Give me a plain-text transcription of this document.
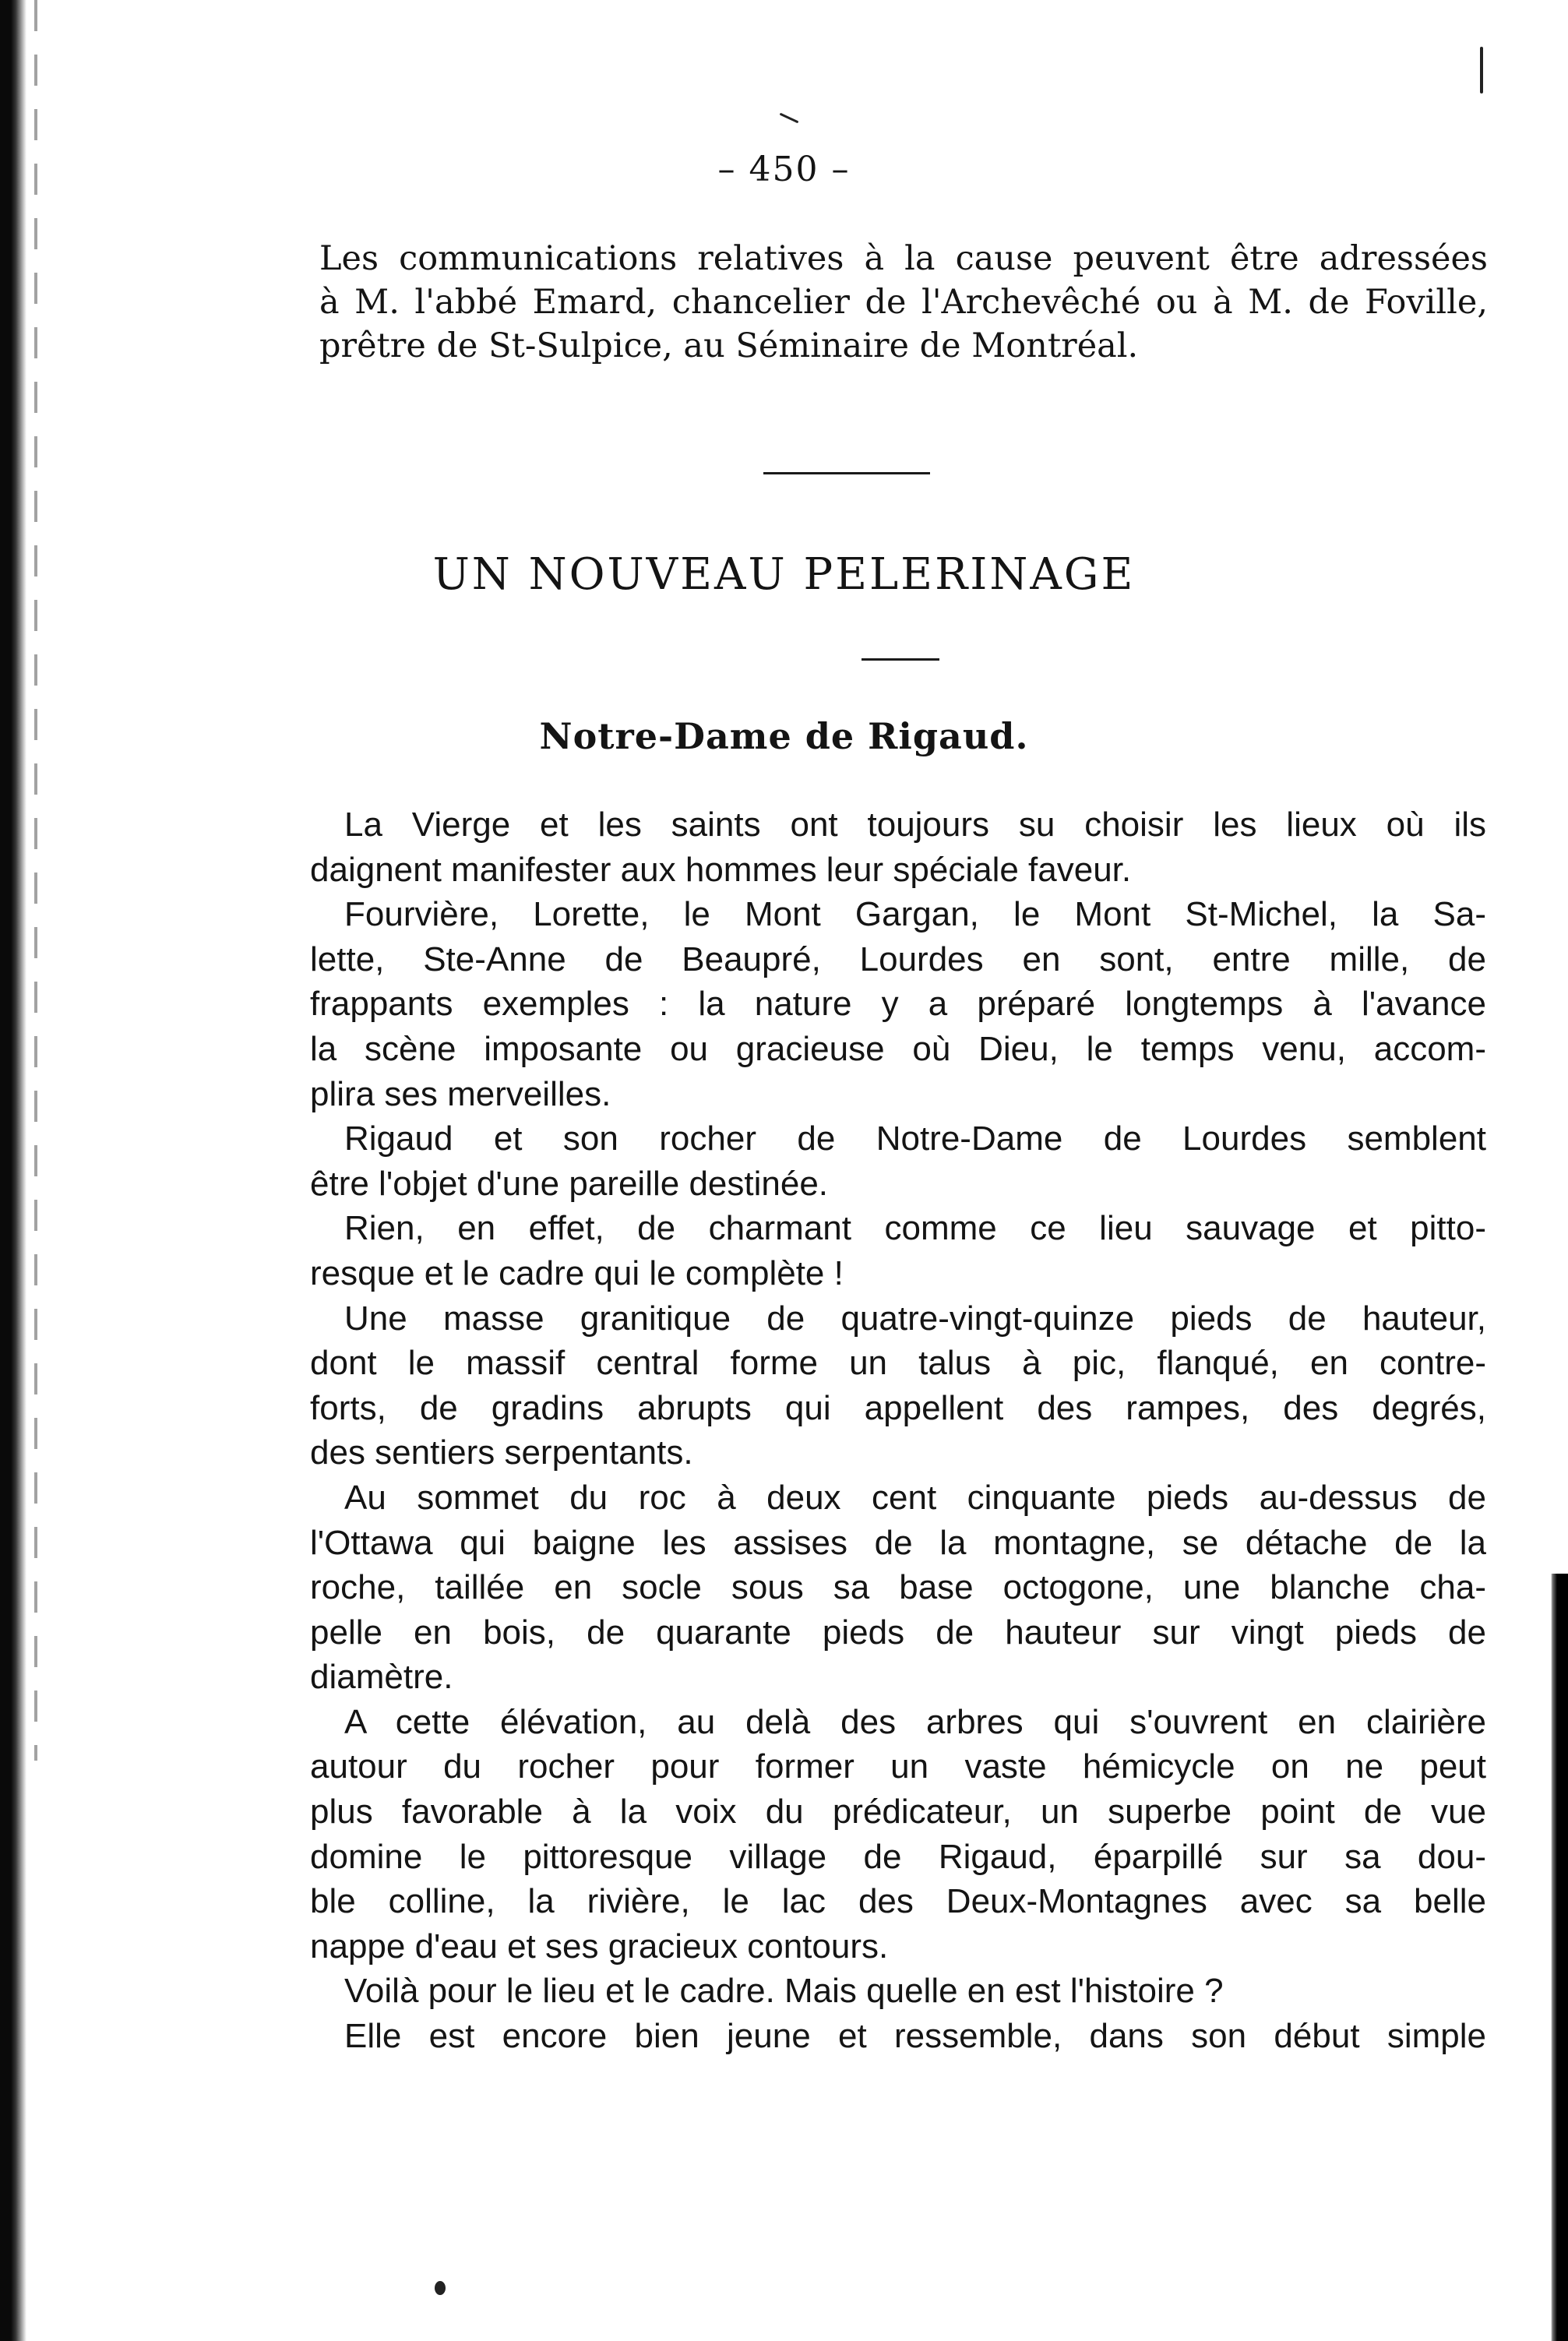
– 450 –

Les communications relatives à la cause peuvent être adressées
à M. l'abbé Emard, chancelier de l'Archevêché ou à M. de Foville,
prêtre de St-Sulpice, au Séminaire de Montréal.

UN NOUVEAU PELERINAGE
Notre-Dame de Rigaud.

La Vierge et les saints ont toujours su choisir les lieux où ils
daignent manifester aux hommes leur spéciale faveur.

Fourvière, Lorette, le Mont Gargan, le Mont St-Michel, la Sa-
lette, Ste-Anne de Beaupré, Lourdes en sont, entre mille, de
frappants exemples : la nature y a préparé longtemps à l'avance
la scène imposante ou gracieuse où Dieu, le temps venu, accom-
plira ses merveilles.

Rigaud et son rocher de Notre-Dame de Lourdes semblent
être l'objet d'une pareille destinée.

Rien, en effet, de charmant comme ce lieu sauvage et pitto-
resque et le cadre qui le complète !

Une masse granitique de quatre-vingt-quinze pieds de hauteur,
dont le massif central forme un talus à pic, flanqué, en contre-
forts, de gradins abrupts qui appellent des rampes, des degrés,
des sentiers serpentants.

Au sommet du roc à deux cent cinquante pieds au-dessus de
l'Ottawa qui baigne les assises de la montagne, se détache de la
roche, taillée en socle sous sa base octogone, une blanche cha-
pelle en bois, de quarante pieds de hauteur sur vingt pieds de
diamètre.

A cette élévation, au delà des arbres qui s'ouvrent en clairière
autour du rocher pour former un vaste hémicycle on ne peut
plus favorable à la voix du prédicateur, un superbe point de vue
domine le pittoresque village de Rigaud, éparpillé sur sa dou-
ble colline, la rivière, le lac des Deux-Montagnes avec sa belle
nappe d'eau et ses gracieux contours.

Voilà pour le lieu et le cadre. Mais quelle en est l'histoire ?

Elle est encore bien jeune et ressemble, dans son début simple
